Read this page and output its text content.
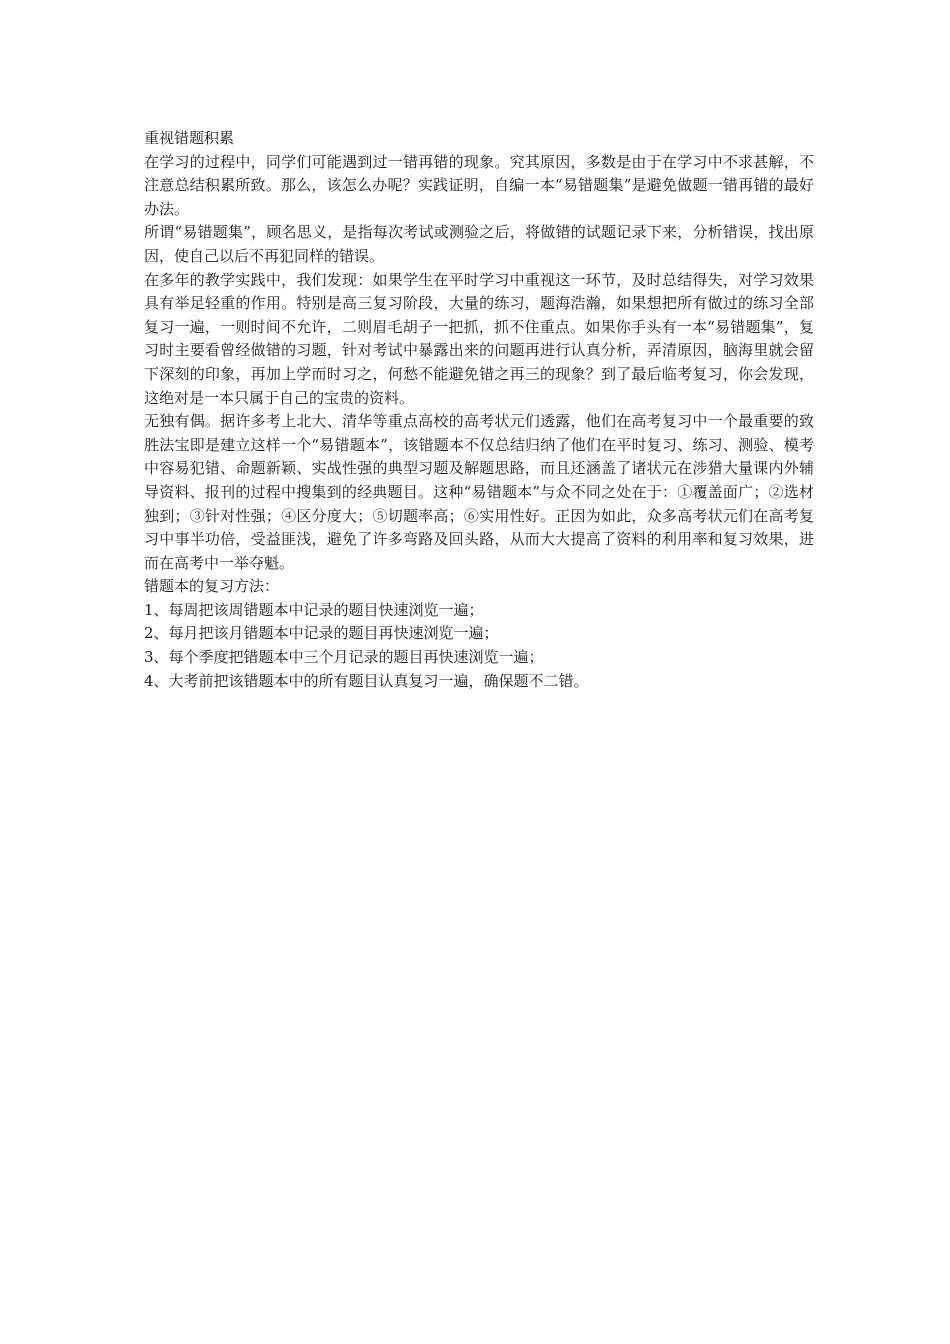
重视错题积累

在学习的过程中，同学们可能遇到过一错再错的现象。究其原因，多数是由于在学习中不求甚解，不注意总结积累所致。那么，该怎么办呢？实践证明，自编一本“易错题集”是避免做题一错再错的最好办法。

所谓“易错题集”，顾名思义，是指每次考试或测验之后，将做错的试题记录下来，分析错误，找出原因，使自己以后不再犯同样的错误。

在多年的教学实践中，我们发现：如果学生在平时学习中重视这一环节，及时总结得失，对学习效果具有举足轻重的作用。特别是高三复习阶段，大量的练习，题海浩瀚，如果想把所有做过的练习全部复习一遍，一则时间不允许，二则眉毛胡子一把抓，抓不住重点。如果你手头有一本“易错题集”，复习时主要看曾经做错的习题，针对考试中暴露出来的问题再进行认真分析，弄清原因，脑海里就会留下深刻的印象，再加上学而时习之，何愁不能避免错之再三的现象？到了最后临考复习，你会发现，这绝对是一本只属于自己的宝贵的资料。

无独有偶。据许多考上北大、清华等重点高校的高考状元们透露，他们在高考复习中一个最重要的致胜法宝即是建立这样一个“易错题本”，该错题本不仅总结归纳了他们在平时复习、练习、测验、模考中容易犯错、命题新颖、实战性强的典型习题及解题思路，而且还涵盖了诸状元在涉猎大量课内外辅导资料、报刊的过程中搜集到的经典题目。这种“易错题本”与众不同之处在于：①覆盖面广；②选材独到；③针对性强；④区分度大；⑤切题率高；⑥实用性好。正因为如此，众多高考状元们在高考复习中事半功倍，受益匪浅，避免了许多弯路及回头路，从而大大提高了资料的利用率和复习效果，进而在高考中一举夺魁。

错题本的复习方法：

1、每周把该周错题本中记录的题目快速浏览一遍；

2、每月把该月错题本中记录的题目再快速浏览一遍；

3、每个季度把错题本中三个月记录的题目再快速浏览一遍；

4、大考前把该错题本中的所有题目认真复习一遍，确保题不二错。
